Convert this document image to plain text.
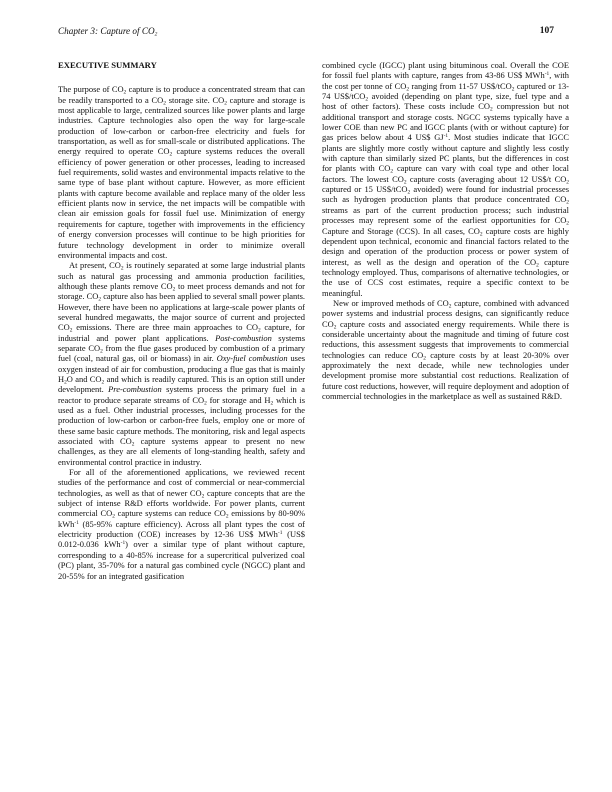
Chapter 3: Capture of $CO_2$	107
EXECUTIVE SUMMARY

The purpose of $CO_2$ capture is to produce a concentrated stream that can be readily transported to a $CO_2$ storage site. $CO_2$ capture and storage is most applicable to large, centralized sources like power plants and large industries. Capture technologies also open the way for large-scale production of low-carbon or carbon-free electricity and fuels for transportation, as well as for small-scale or distributed applications. The energy required to operate $CO_2$ capture systems reduces the overall efficiency of power generation or other processes, leading to increased fuel requirements, solid wastes and environmental impacts relative to the same type of base plant without capture. However, as more efficient plants with capture become available and replace many of the older less efficient plants now in service, the net impacts will be compatible with clean air emission goals for fossil fuel use. Minimization of energy requirements for capture, together with improvements in the efficiency of energy conversion processes will continue to be high priorities for future technology development in order to minimize overall environmental impacts and cost.

At present, $CO_2$ is routinely separated at some large industrial plants such as natural gas processing and ammonia production facilities, although these plants remove $CO_2$ to meet process demands and not for storage. $CO_2$ capture also has been applied to several small power plants. However, there have been no applications at large-scale power plants of several hundred megawatts, the major source of current and projected $CO_2$ emissions. There are three main approaches to $CO_2$ capture, for industrial and power plant applications. Post-combustion systems separate $CO_2$ from the flue gases produced by combustion of a primary fuel (coal, natural gas, oil or biomass) in air. Oxy-fuel combustion uses oxygen instead of air for combustion, producing a flue gas that is mainly $H_2O$ and $CO_2$ and which is readily captured. This is an option still under development. Pre-combustion systems process the primary fuel in a reactor to produce separate streams of $CO_2$ for storage and $H_2$ which is used as a fuel. Other industrial processes, including processes for the production of low-carbon or carbon-free fuels, employ one or more of these same basic capture methods. The monitoring, risk and legal aspects associated with $CO_2$ capture systems appear to present no new challenges, as they are all elements of long-standing health, safety and environmental control practice in industry.

For all of the aforementioned applications, we reviewed recent studies of the performance and cost of commercial or near-commercial technologies, as well as that of newer $CO_2$ capture concepts that are the subject of intense R&D efforts worldwide. For power plants, current commercial $CO_2$ capture systems can reduce $CO_2$ emissions by 80-90% kWh$^{-1}$ (85-95% capture efficiency). Across all plant types the cost of electricity production (COE) increases by 12-36 US$ MWh$^{-1}$ (US$ 0.012-0.036 kWh$^{-1}$) over a similar type of plant without capture, corresponding to a 40-85% increase for a supercritical pulverized coal (PC) plant, 35-70% for a natural gas combined cycle (NGCC) plant and 20-55% for an integrated gasification

combined cycle (IGCC) plant using bituminous coal. Overall the COE for fossil fuel plants with capture, ranges from 43-86 US$ MWh$^{-1}$, with the cost per tonne of $CO_2$ ranging from 11-57 US$/tCO$_2$ captured or 13-74 US$/tCO$_2$ avoided (depending on plant type, size, fuel type and a host of other factors). These costs include $CO_2$ compression but not additional transport and storage costs. NGCC systems typically have a lower COE than new PC and IGCC plants (with or without capture) for gas prices below about 4 US$ $GJ^{-1}$. Most studies indicate that IGCC plants are slightly more costly without capture and slightly less costly with capture than similarly sized PC plants, but the differences in cost for plants with $CO_2$ capture can vary with coal type and other local factors. The lowest $CO_2$ capture costs (averaging about 12 US$/t $CO_2$ captured or 15 US$/tCO$_2$ avoided) were found for industrial processes such as hydrogen production plants that produce concentrated $CO_2$ streams as part of the current production process; such industrial processes may represent some of the earliest opportunities for $CO_2$ Capture and Storage (CCS). In all cases, $CO_2$ capture costs are highly dependent upon technical, economic and financial factors related to the design and operation of the production process or power system of interest, as well as the design and operation of the $CO_2$ capture technology employed. Thus, comparisons of alternative technologies, or the use of CCS cost estimates, require a specific context to be meaningful.

New or improved methods of $CO_2$ capture, combined with advanced power systems and industrial process designs, can significantly reduce $CO_2$ capture costs and associated energy requirements. While there is considerable uncertainty about the magnitude and timing of future cost reductions, this assessment suggests that improvements to commercial technologies can reduce $CO_2$ capture costs by at least 20-30% over approximately the next decade, while new technologies under development promise more substantial cost reductions. Realization of future cost reductions, however, will require deployment and adoption of commercial technologies in the marketplace as well as sustained R&D.
